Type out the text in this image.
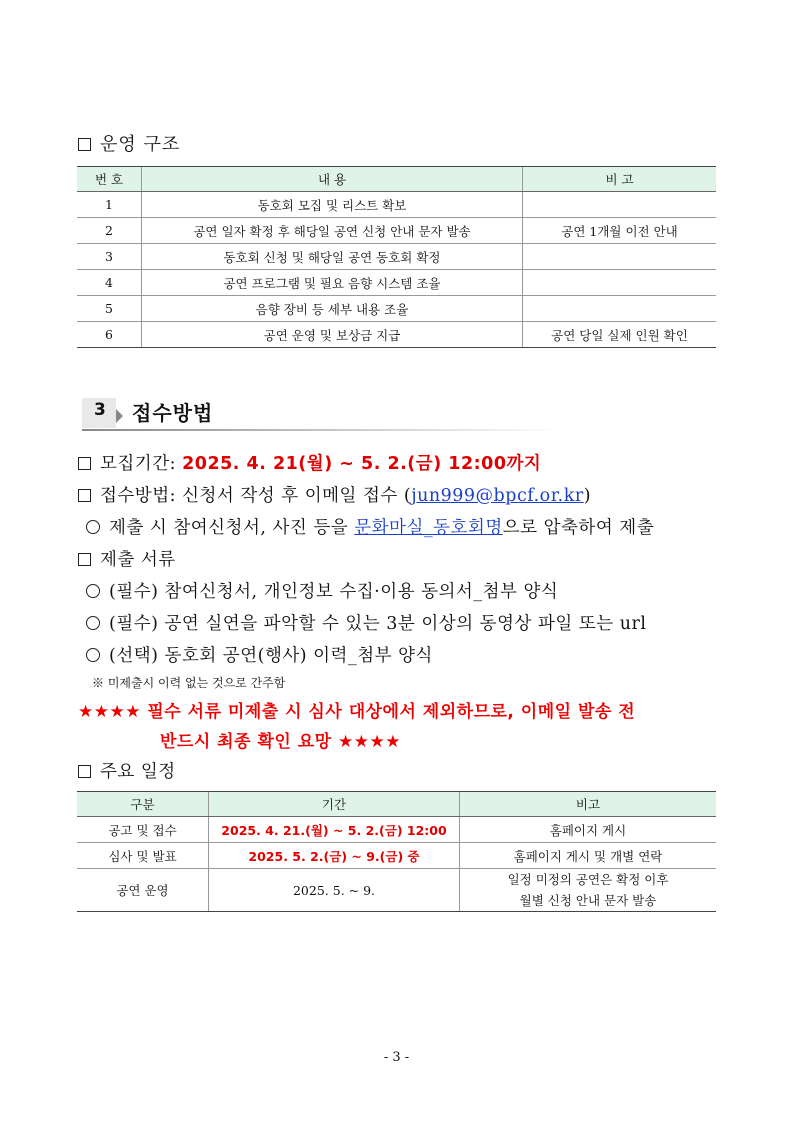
운영 구조
번 호	내 용	비 고
1	동호회 모집 및 리스트 확보	
2	공연 일자 확정 후 해당일 공연 신청 안내 문자 발송	공연 1개월 이전 안내
3	동호회 신청 및 해당일 공연 동호회 확정	
4	공연 프로그램 및 필요 음향 시스템 조율	
5	음향 장비 등 세부 내용 조율	
6	공연 운영 및 보상금 지급	공연 당일 실제 인원 확인
3 접수방법
모집기간: 2025. 4. 21(월) ~ 5. 2.(금) 12:00까지
접수방법: 신청서 작성 후 이메일 접수 (jun999@bpcf.or.kr)
제출 시 참여신청서, 사진 등을 문화마실_동호회명으로 압축하여 제출
제출 서류
(필수) 참여신청서, 개인정보 수집·이용 동의서_첨부 양식
(필수) 공연 실연을 파악할 수 있는 3분 이상의 동영상 파일 또는 url
(선택) 동호회 공연(행사) 이력_첨부 양식
※ 미제출시 이력 없는 것으로 간주함
★★★★ 필수 서류 미제출 시 심사 대상에서 제외하므로, 이메일 발송 전
반드시 최종 확인 요망 ★★★★
주요 일정
구분	기간	비고
공고 및 접수	2025. 4. 21.(월) ~ 5. 2.(금) 12:00	홈페이지 게시
심사 및 발표	2025. 5. 2.(금) ~ 9.(금) 중	홈페이지 게시 및 개별 연락
공연 운영	2025. 5. ~ 9.	일정 미정의 공연은 확정 이후
월별 신청 안내 문자 발송
- 3 -
